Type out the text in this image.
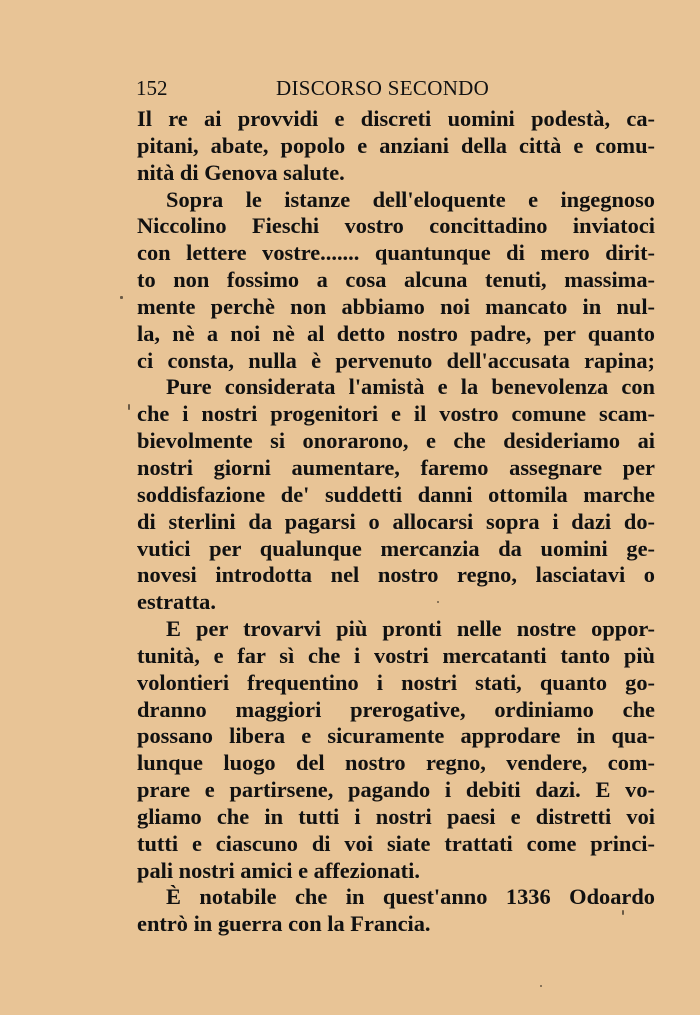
152	DISCORSO SECONDO
Il re ai provvidi e discreti uomini podestà, ca-
pitani, abate, popolo e anziani della città e comu-
nità di Genova salute.
Sopra le istanze dell'eloquente e ingegnoso
Niccolino Fieschi vostro concittadino inviatoci
con lettere vostre....... quantunque di mero dirit-
to non fossimo a cosa alcuna tenuti, massima-
mente perchè non abbiamo noi mancato in nul-
la, nè a noi nè al detto nostro padre, per quanto
ci consta, nulla è pervenuto dell'accusata rapina;
Pure considerata l'amistà e la benevolenza con
che i nostri progenitori e il vostro comune scam-
bievolmente si onorarono, e che desideriamo ai
nostri giorni aumentare, faremo assegnare per
soddisfazione de' suddetti danni ottomila marche
di sterlini da pagarsi o allocarsi sopra i dazi do-
vutici per qualunque mercanzia da uomini ge-
novesi introdotta nel nostro regno, lasciatavi o
estratta.
E per trovarvi più pronti nelle nostre oppor-
tunità, e far sì che i vostri mercatanti tanto più
volontieri frequentino i nostri stati, quanto go-
dranno maggiori prerogative, ordiniamo che
possano libera e sicuramente approdare in qua-
lunque luogo del nostro regno, vendere, com-
prare e partirsene, pagando i debiti dazi. E vo-
gliamo che in tutti i nostri paesi e distretti voi
tutti e ciascuno di voi siate trattati come princi-
pali nostri amici e affezionati.
È notabile che in quest'anno 1336 Odoardo
entrò in guerra con la Francia.
